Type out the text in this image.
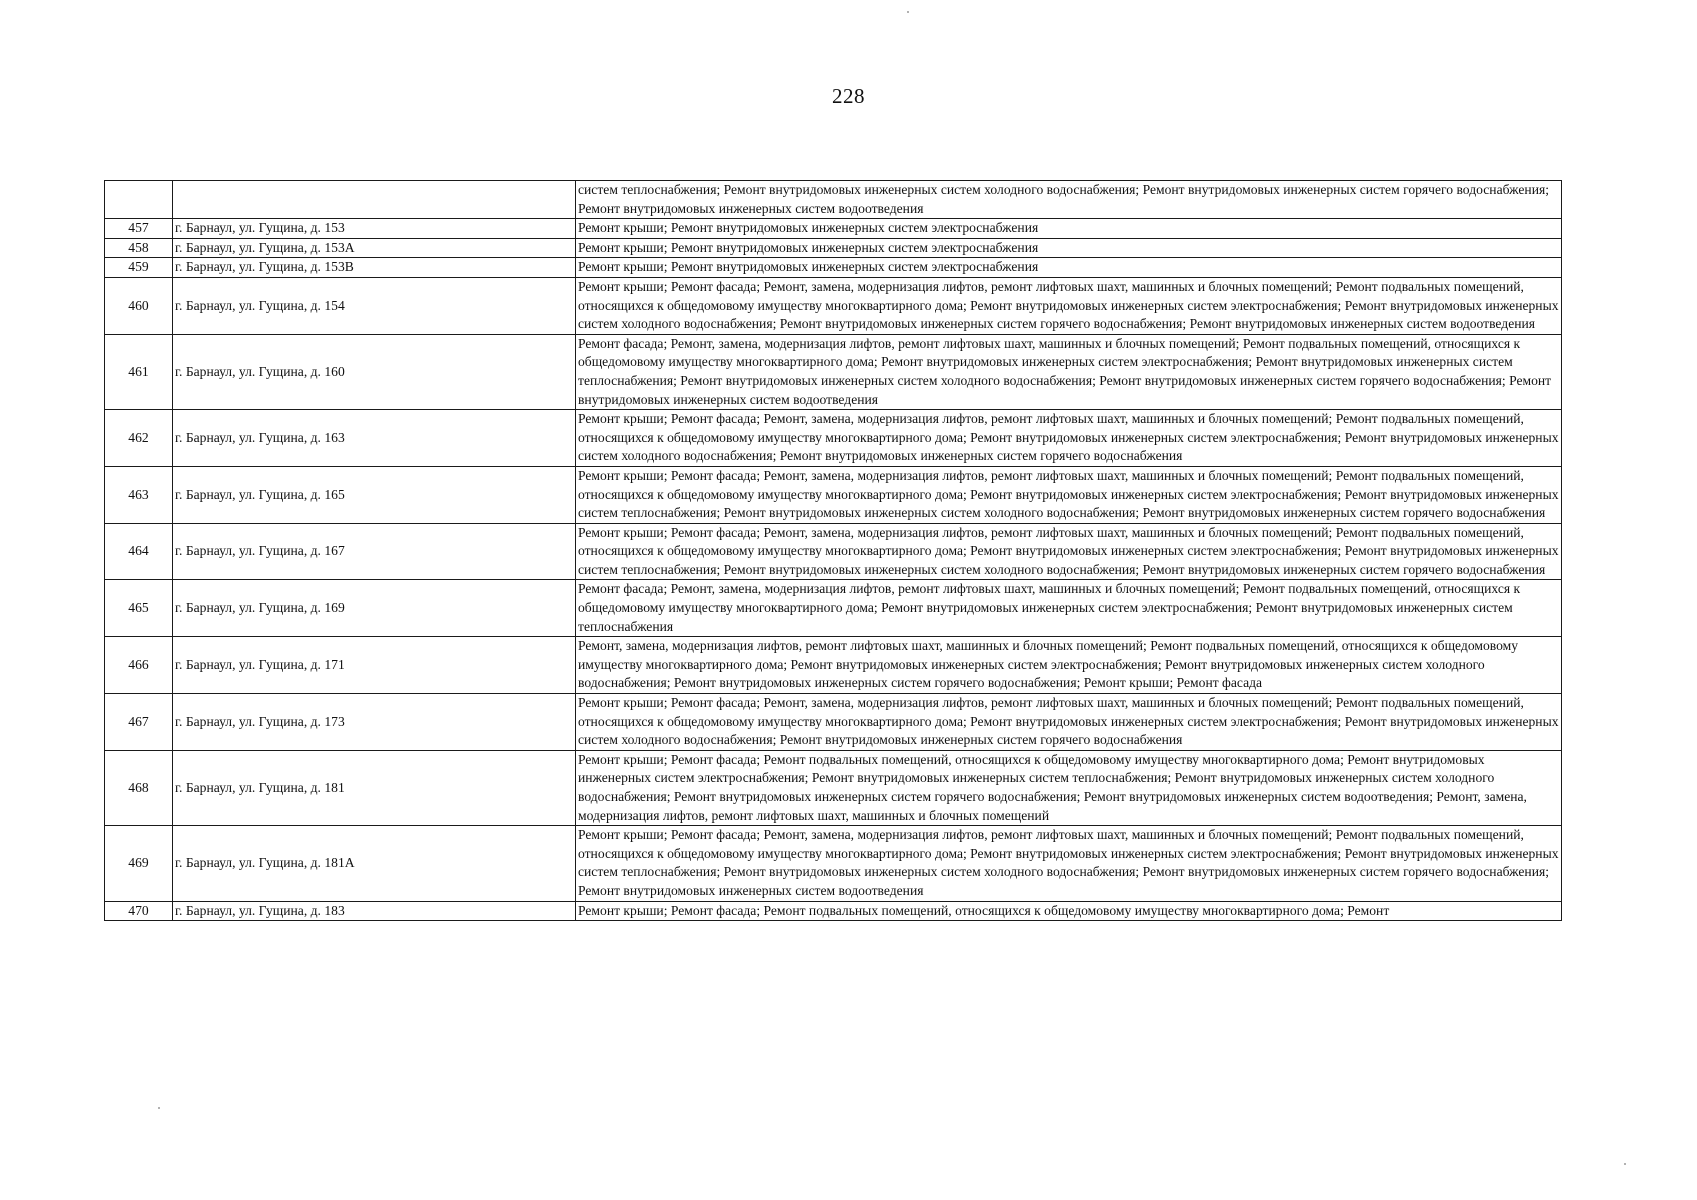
228
		систем теплоснабжения; Ремонт внутридомовых инженерных систем холодного водоснабжения; Ремонт внутридомовых инженерных систем горячего водоснабжения; Ремонт внутридомовых инженерных систем водоотведения
457	г. Барнаул, ул. Гущина, д. 153	Ремонт крыши; Ремонт внутридомовых инженерных систем электроснабжения
458	г. Барнаул, ул. Гущина, д. 153А	Ремонт крыши; Ремонт внутридомовых инженерных систем электроснабжения
459	г. Барнаул, ул. Гущина, д. 153В	Ремонт крыши; Ремонт внутридомовых инженерных систем электроснабжения
460	г. Барнаул, ул. Гущина, д. 154	Ремонт крыши; Ремонт фасада; Ремонт, замена, модернизация лифтов, ремонт лифтовых шахт, машинных и блочных помещений; Ремонт подвальных помещений, относящихся к общедомовому имуществу многоквартирного дома; Ремонт внутридомовых инженерных систем электроснабжения; Ремонт внутридомовых инженерных систем холодного водоснабжения; Ремонт внутридомовых инженерных систем горячего водоснабжения; Ремонт внутридомовых инженерных систем водоотведения
461	г. Барнаул, ул. Гущина, д. 160	Ремонт фасада; Ремонт, замена, модернизация лифтов, ремонт лифтовых шахт, машинных и блочных помещений; Ремонт подвальных помещений, относящихся к общедомовому имуществу многоквартирного дома; Ремонт внутридомовых инженерных систем электроснабжения; Ремонт внутридомовых инженерных систем теплоснабжения; Ремонт внутридомовых инженерных систем холодного водоснабжения; Ремонт внутридомовых инженерных систем горячего водоснабжения; Ремонт внутридомовых инженерных систем водоотведения
462	г. Барнаул, ул. Гущина, д. 163	Ремонт крыши; Ремонт фасада; Ремонт, замена, модернизация лифтов, ремонт лифтовых шахт, машинных и блочных помещений; Ремонт подвальных помещений, относящихся к общедомовому имуществу многоквартирного дома; Ремонт внутридомовых инженерных систем электроснабжения; Ремонт внутридомовых инженерных систем холодного водоснабжения; Ремонт внутридомовых инженерных систем горячего водоснабжения
463	г. Барнаул, ул. Гущина, д. 165	Ремонт крыши; Ремонт фасада; Ремонт, замена, модернизация лифтов, ремонт лифтовых шахт, машинных и блочных помещений; Ремонт подвальных помещений, относящихся к общедомовому имуществу многоквартирного дома; Ремонт внутридомовых инженерных систем электроснабжения; Ремонт внутридомовых инженерных систем теплоснабжения; Ремонт внутридомовых инженерных систем холодного водоснабжения; Ремонт внутридомовых инженерных систем горячего водоснабжения
464	г. Барнаул, ул. Гущина, д. 167	Ремонт крыши; Ремонт фасада; Ремонт, замена, модернизация лифтов, ремонт лифтовых шахт, машинных и блочных помещений; Ремонт подвальных помещений, относящихся к общедомовому имуществу многоквартирного дома; Ремонт внутридомовых инженерных систем электроснабжения; Ремонт внутридомовых инженерных систем теплоснабжения; Ремонт внутридомовых инженерных систем холодного водоснабжения; Ремонт внутридомовых инженерных систем горячего водоснабжения
465	г. Барнаул, ул. Гущина, д. 169	Ремонт фасада; Ремонт, замена, модернизация лифтов, ремонт лифтовых шахт, машинных и блочных помещений; Ремонт подвальных помещений, относящихся к общедомовому имуществу многоквартирного дома; Ремонт внутридомовых инженерных систем электроснабжения; Ремонт внутридомовых инженерных систем теплоснабжения
466	г. Барнаул, ул. Гущина, д. 171	Ремонт, замена, модернизация лифтов, ремонт лифтовых шахт, машинных и блочных помещений; Ремонт подвальных помещений, относящихся к общедомовому имуществу многоквартирного дома; Ремонт внутридомовых инженерных систем электроснабжения; Ремонт внутридомовых инженерных систем холодного водоснабжения; Ремонт внутридомовых инженерных систем горячего водоснабжения; Ремонт крыши; Ремонт фасада
467	г. Барнаул, ул. Гущина, д. 173	Ремонт крыши; Ремонт фасада; Ремонт, замена, модернизация лифтов, ремонт лифтовых шахт, машинных и блочных помещений; Ремонт подвальных помещений, относящихся к общедомовому имуществу многоквартирного дома; Ремонт внутридомовых инженерных систем электроснабжения; Ремонт внутридомовых инженерных систем холодного водоснабжения; Ремонт внутридомовых инженерных систем горячего водоснабжения
468	г. Барнаул, ул. Гущина, д. 181	Ремонт крыши; Ремонт фасада; Ремонт подвальных помещений, относящихся к общедомовому имуществу многоквартирного дома; Ремонт внутридомовых инженерных систем электроснабжения; Ремонт внутридомовых инженерных систем теплоснабжения; Ремонт внутридомовых инженерных систем холодного водоснабжения; Ремонт внутридомовых инженерных систем горячего водоснабжения; Ремонт внутридомовых инженерных систем водоотведения; Ремонт, замена, модернизация лифтов, ремонт лифтовых шахт, машинных и блочных помещений
469	г. Барнаул, ул. Гущина, д. 181А	Ремонт крыши; Ремонт фасада; Ремонт, замена, модернизация лифтов, ремонт лифтовых шахт, машинных и блочных помещений; Ремонт подвальных помещений, относящихся к общедомовому имуществу многоквартирного дома; Ремонт внутридомовых инженерных систем электроснабжения; Ремонт внутридомовых инженерных систем теплоснабжения; Ремонт внутридомовых инженерных систем холодного водоснабжения; Ремонт внутридомовых инженерных систем горячего водоснабжения; Ремонт внутридомовых инженерных систем водоотведения
470	г. Барнаул, ул. Гущина, д. 183	Ремонт крыши; Ремонт фасада; Ремонт подвальных помещений, относящихся к общедомовому имуществу многоквартирного дома; Ремонт
